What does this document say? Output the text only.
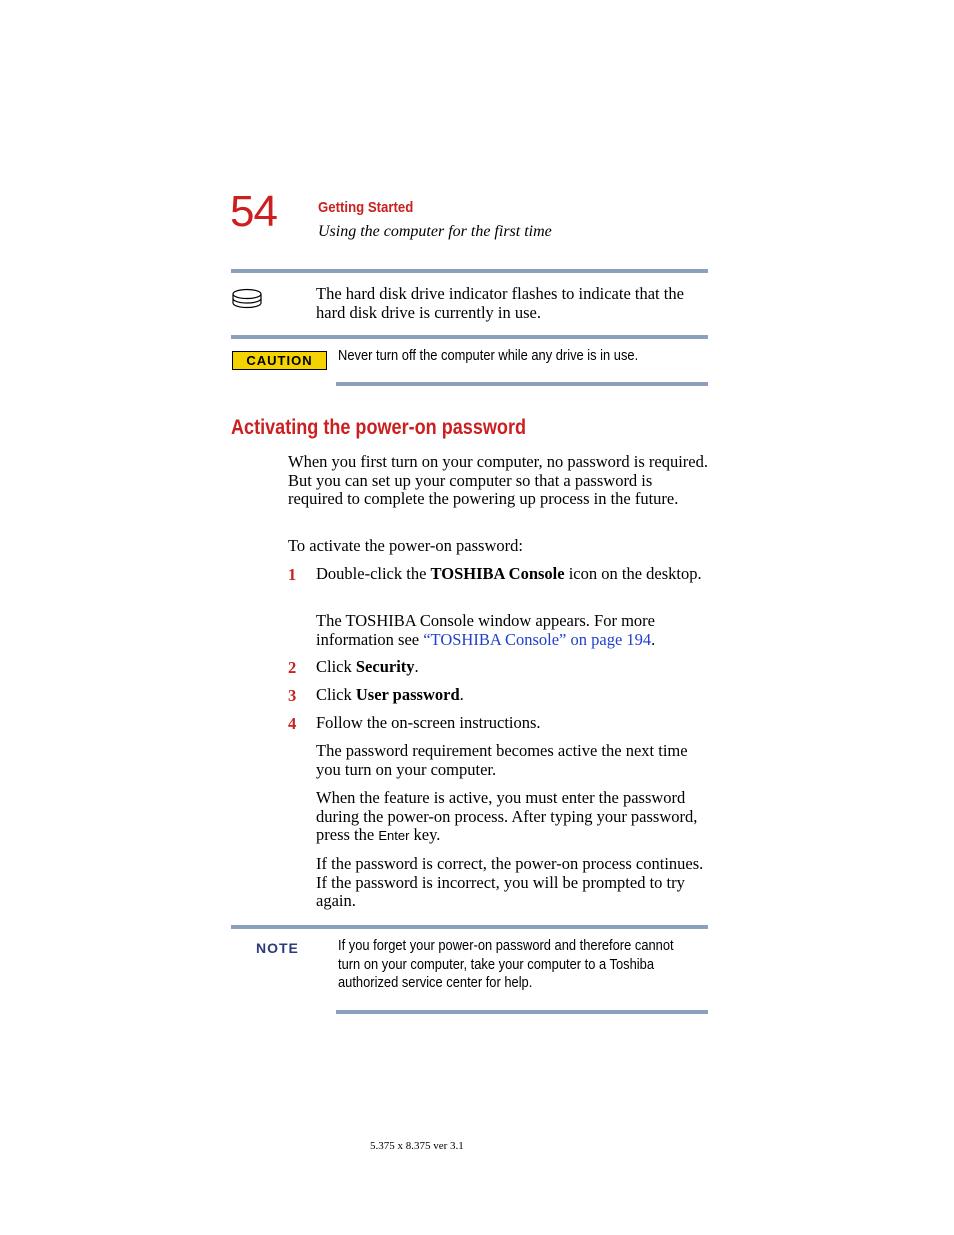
54	Getting Started
Using the computer for the first time
The hard disk drive indicator flashes to indicate that the hard disk drive is currently in use.
CAUTION	Never turn off the computer while any drive is in use.
Activating the power-on password
When you first turn on your computer, no password is required. But you can set up your computer so that a password is required to complete the powering up process in the future.
To activate the power-on password:
1 Double-click the TOSHIBA Console icon on the desktop.
The TOSHIBA Console window appears. For more information see “TOSHIBA Console” on page 194.
2 Click Security.
3 Click User password.
4 Follow the on-screen instructions.
The password requirement becomes active the next time you turn on your computer.
When the feature is active, you must enter the password during the power-on process. After typing your password, press the Enter key.
If the password is correct, the power-on process continues. If the password is incorrect, you will be prompted to try again.
NOTE	If you forget your power-on password and therefore cannot
turn on your computer, take your computer to a Toshiba
authorized service center for help.
5.375 x 8.375 ver 3.1
